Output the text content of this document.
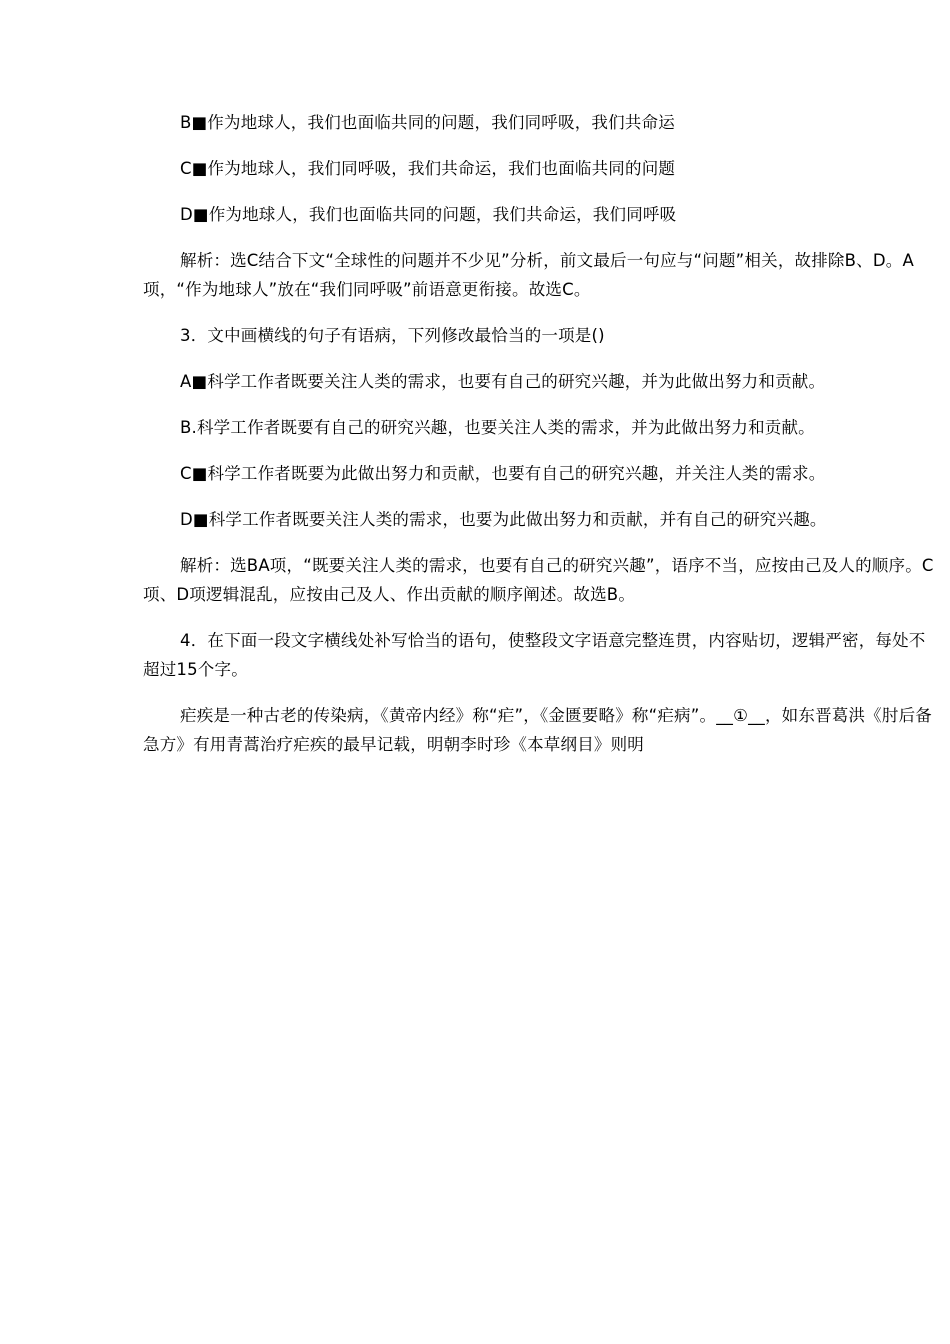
B■作为地球人，我们也面临共同的问题，我们同呼吸，我们共命运

C■作为地球人，我们同呼吸，我们共命运，我们也面临共同的问题

D■作为地球人，我们也面临共同的问题，我们共命运，我们同呼吸

解析：选C结合下文“全球性的问题并不少见”分析，前文最后一句应与“问题”相关，故排除B、D。A项，“作为地球人”放在“我们同呼吸”前语意更衔接。故选C。

3．文中画横线的句子有语病，下列修改最恰当的一项是()

A■科学工作者既要关注人类的需求，也要有自己的研究兴趣，并为此做出努力和贡献。

B.科学工作者既要有自己的研究兴趣，也要关注人类的需求，并为此做出努力和贡献。

C■科学工作者既要为此做出努力和贡献，也要有自己的研究兴趣，并关注人类的需求。

D■科学工作者既要关注人类的需求，也要为此做出努力和贡献，并有自己的研究兴趣。

解析：选BA项，“既要关注人类的需求，也要有自己的研究兴趣”，语序不当，应按由己及人的顺序。C项、D项逻辑混乱，应按由己及人、作出贡献的顺序阐述。故选B。

4．在下面一段文字横线处补写恰当的语句，使整段文字语意完整连贯，内容贴切，逻辑严密，每处不超过15个字。

疟疾是一种古老的传染病，《黄帝内经》称“疟”，《金匮要略》称“疟病”。__①__，如东晋葛洪《肘后备急方》有用青蒿治疗疟疾的最早记载，明朝李时珍《本草纲目》则明
